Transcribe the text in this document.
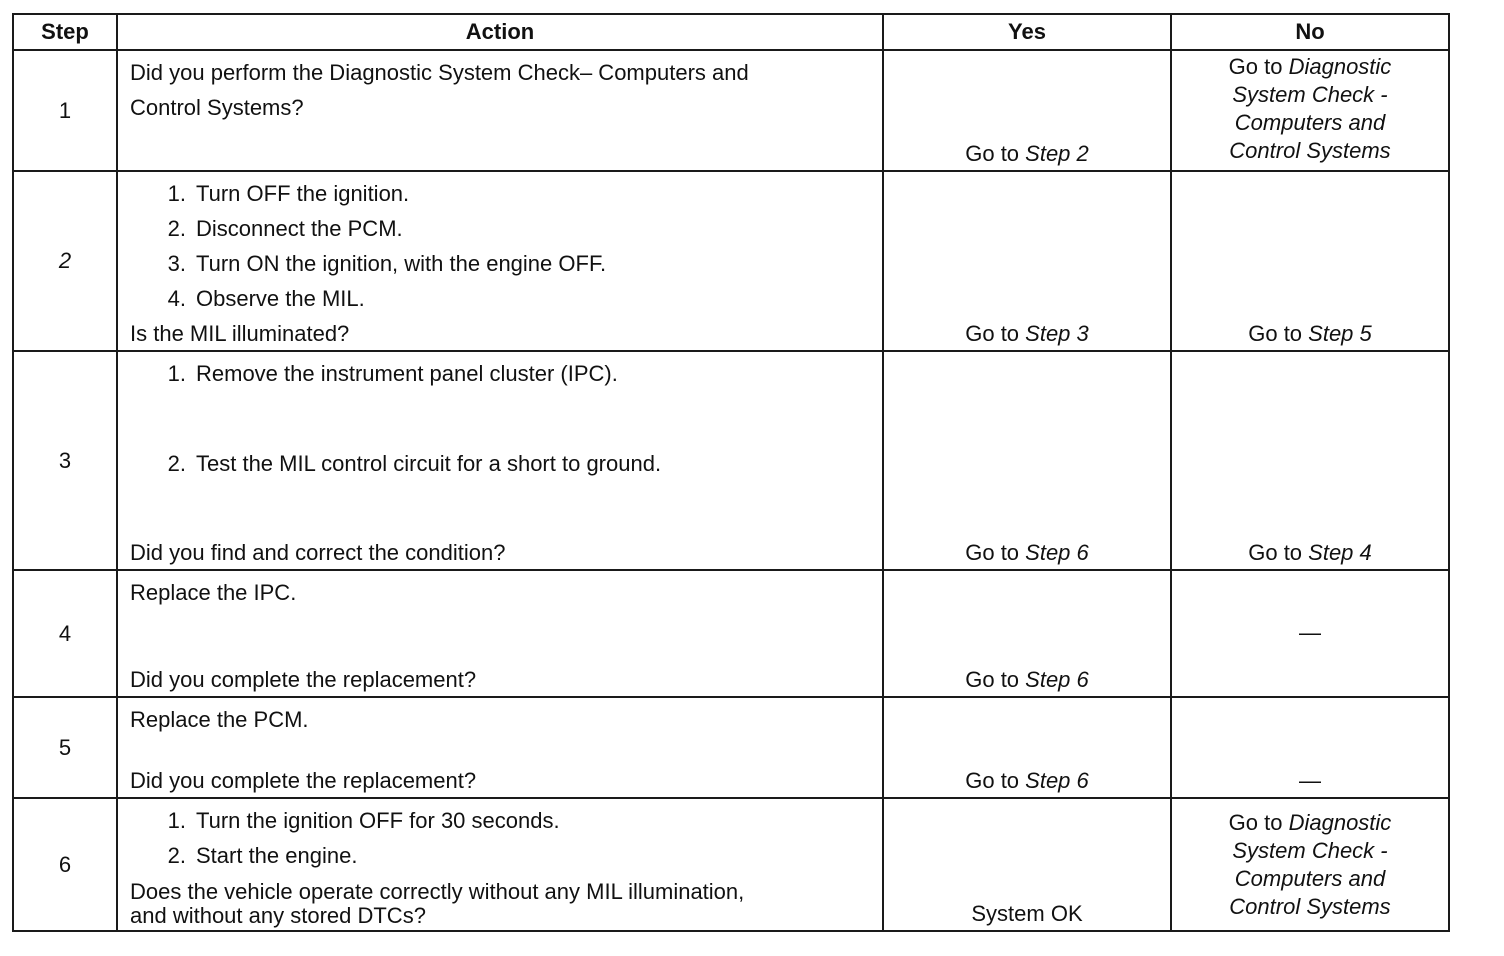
Step	Action	Yes	No
1	Did you perform the Diagnostic System Check– Computers and
Control Systems?	Go to Step 2	Go to Diagnostic
System Check -
Computers and
Control Systems
2	1. Turn OFF the ignition.
2. Disconnect the PCM.
3. Turn ON the ignition, with the engine OFF.
4. Observe the MIL.
Is the MIL illuminated?	Go to Step 3	Go to Step 5

3	1. Remove the instrument panel cluster (IPC).
2. Test the MIL control circuit for a short to ground.
Did you find and correct the condition?	Go to Step 6	Go to Step 4

4	Replace the IPC.
Did you complete the replacement?	Go to Step 6	—
5	Replace the PCM.
Did you complete the replacement?	Go to Step 6	—
6	1. Turn the ignition OFF for 30 seconds.
2. Start the engine.
Does the vehicle operate correctly without any MIL illumination,
and without any stored DTCs?	System OK	Go to Diagnostic
System Check -
Computers and
Control Systems
